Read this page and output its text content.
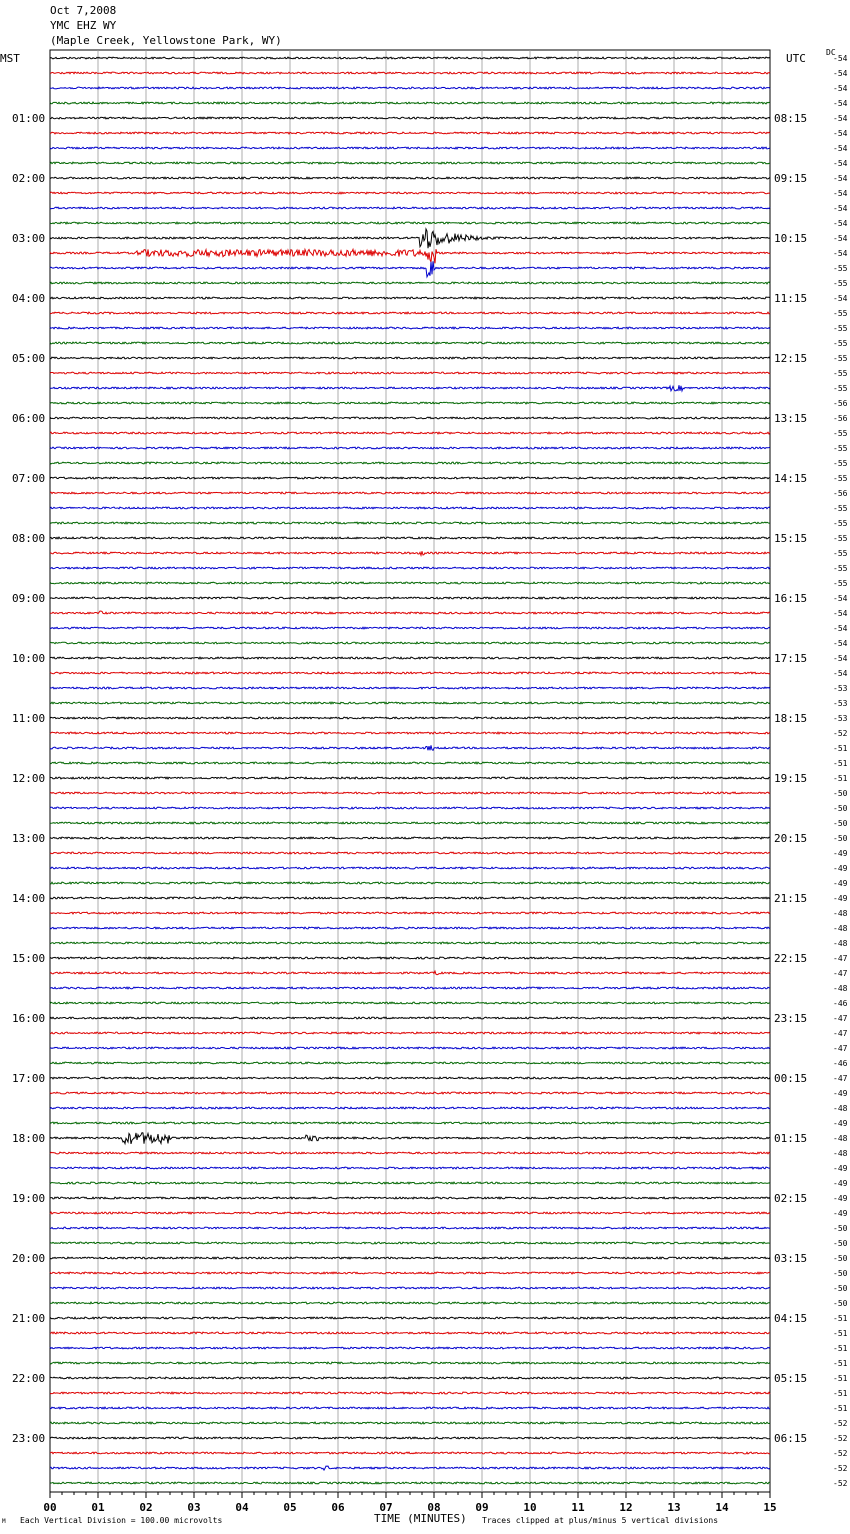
Oct 7,2008
YMC EHZ WY
(Maple Creek, Yellowstone Park, WY)
MST	UTC	DC
00	01	02	03	04	05	06	07	08	09	10	11	12	13	14	15
-54
-54
-54
-54
-54
-54
-54
-54
-54
-54
-54
-54
-54
-54
-55
-55
-54
-55
-55
-55
-55
-55
-55
-56
-56
-55
-55
-55
-55
-56
-55
-55
-55
-55
-55
-55
-54
-54
-54
-54
-54
-54
-53
-53
-53
-52
-51
-51
-51
-50
-50
-50
-50
-49
-49
-49
-49
-48
-48
-48
-47
-47
-48
-46
-47
-47
-47
-46
-47
-49
-48
-49
-48
-48
-49
-49
-49
-49
-50
-50
-50
-50
-50
-50
-51
-51
-51
-51
-51
-51
-51
-52
-52
-52
-52
-52
01:00	08:15
02:00	09:15
03:00	10:15
04:00	11:15
05:00	12:15
06:00	13:15
07:00	14:15
08:00	15:15
09:00	16:15
10:00	17:15
11:00	18:15
12:00	19:15
13:00	20:15
14:00	21:15
15:00	22:15
16:00	23:15
17:00	00:15
18:00	01:15
19:00	02:15
20:00	03:15
21:00	04:15
22:00	05:15
23:00	06:15
M Each Vertical Division = 100.00 microvolts	TIME (MINUTES) Traces clipped at plus/minus 5 vertical divisions
